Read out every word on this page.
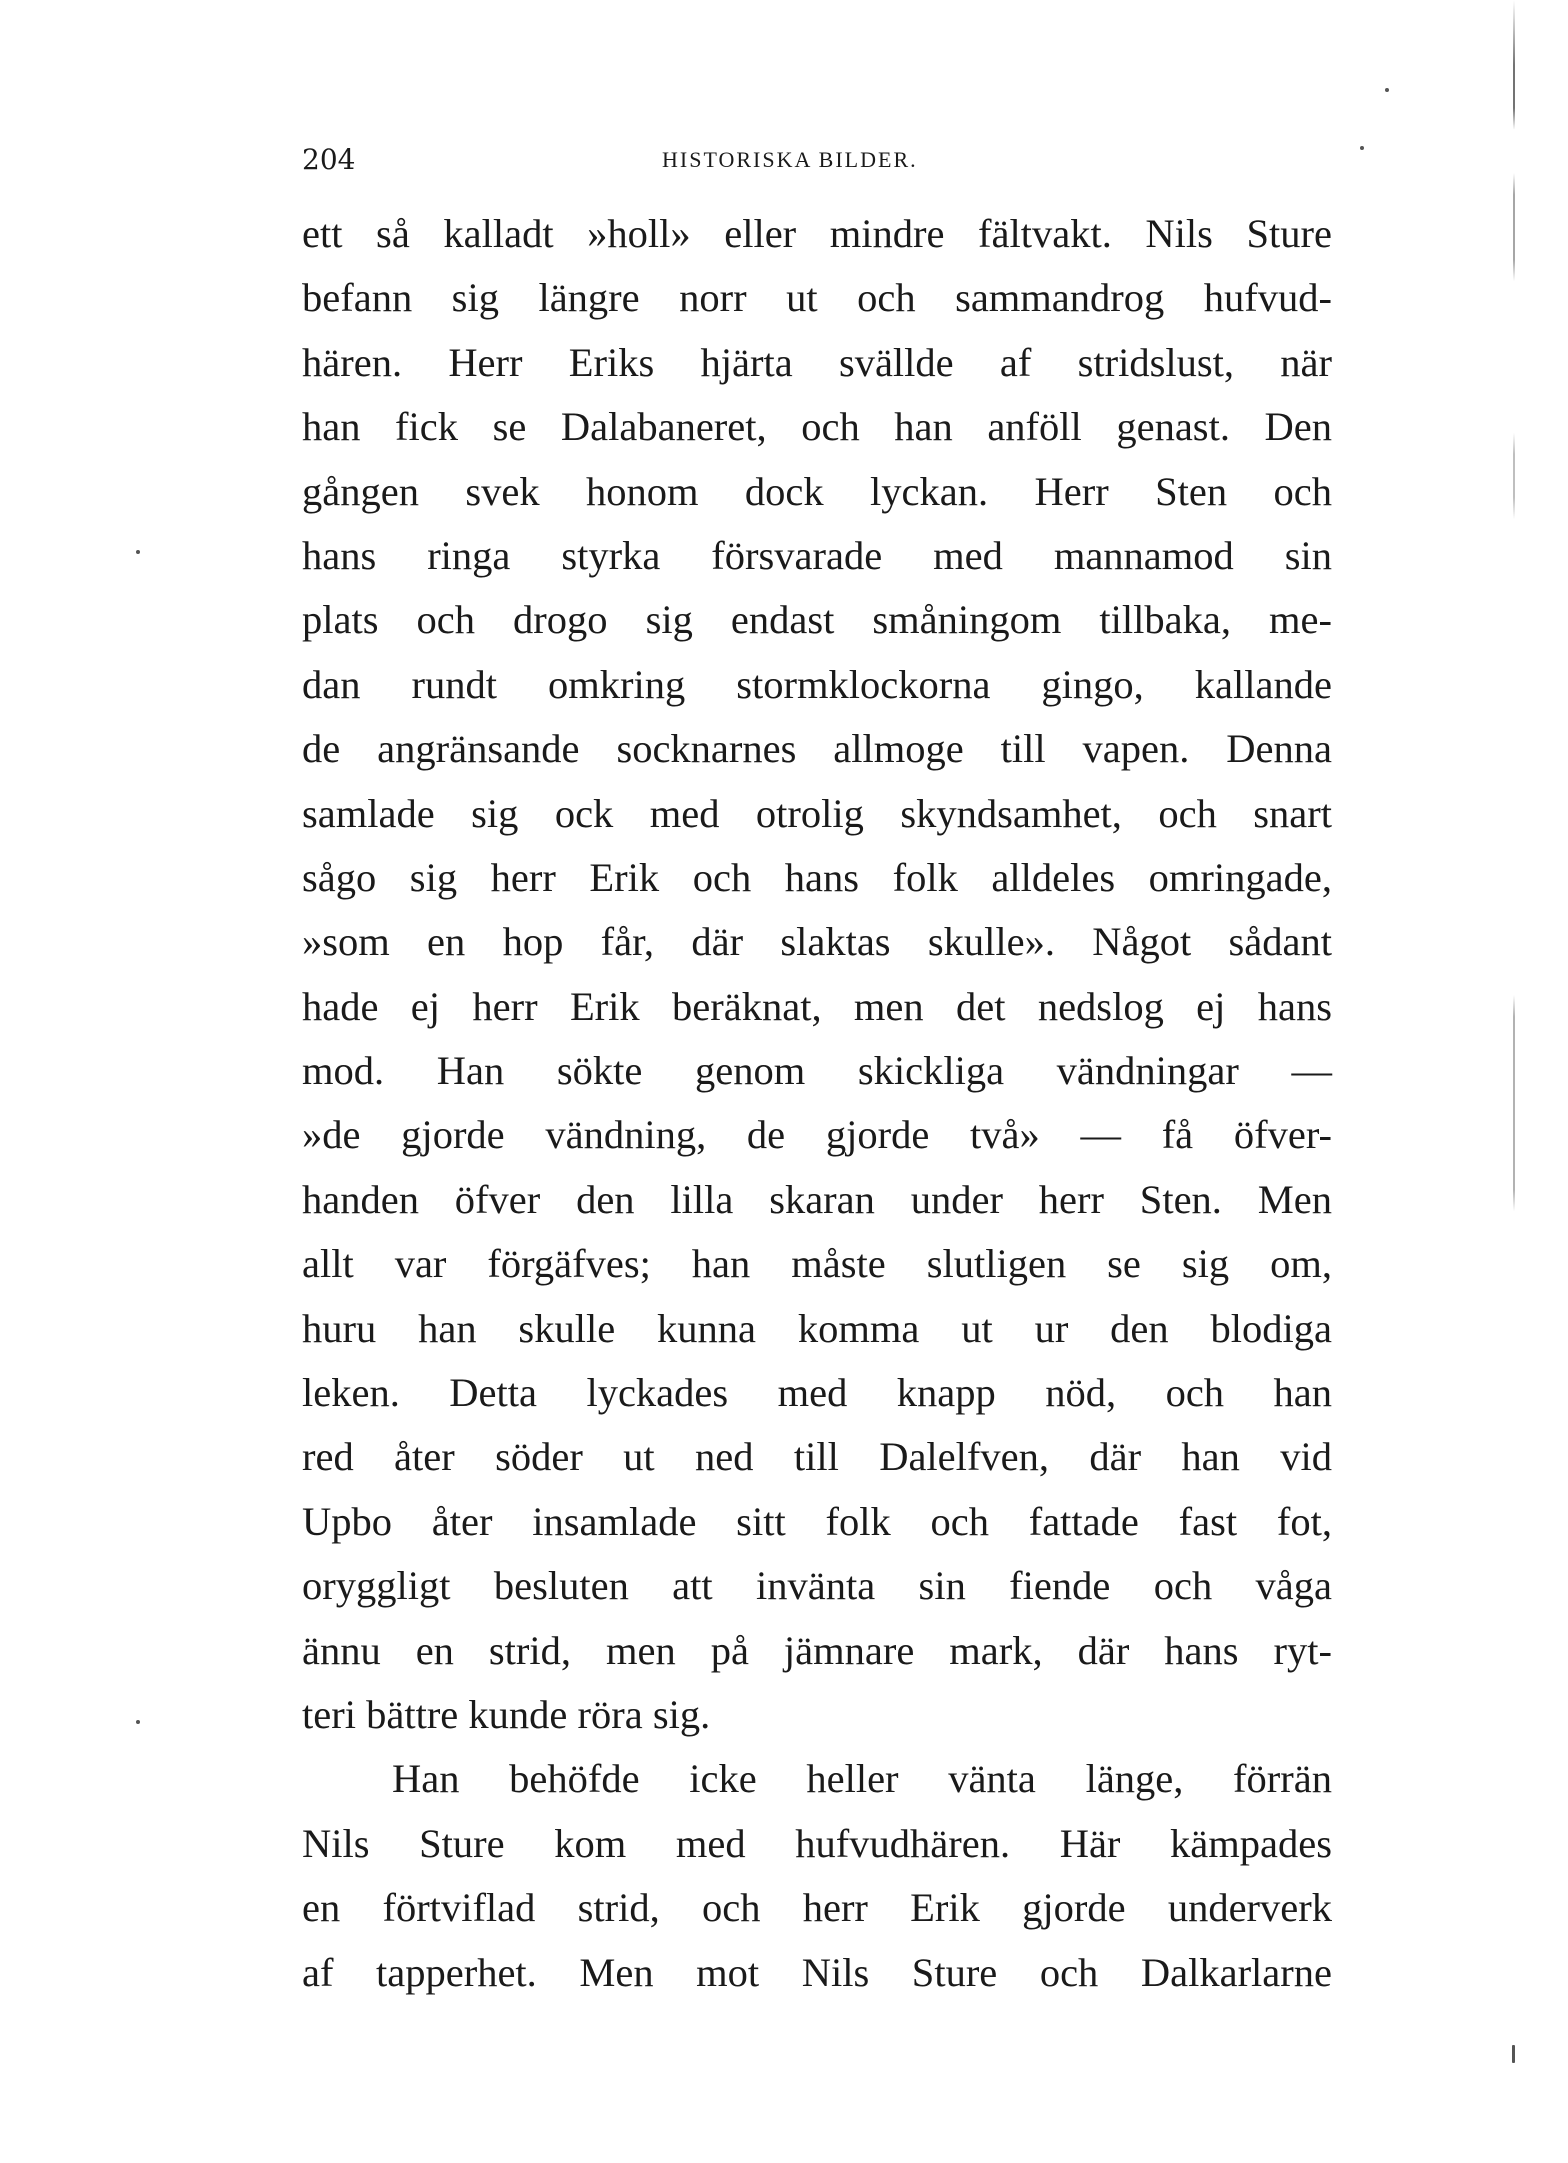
204	HISTORISKA BILDER.
ett så kalladt »holl» eller mindre fältvakt. Nils Sture
befann sig längre norr ut och sammandrog hufvud-
hären. Herr Eriks hjärta svällde af stridslust, när
han fick se Dalabaneret, och han anföll genast. Den
gången svek honom dock lyckan. Herr Sten och
hans ringa styrka försvarade med mannamod sin
plats och drogo sig endast småningom tillbaka, me-
dan rundt omkring stormklockorna gingo, kallande
de angränsande socknarnes allmoge till vapen. Denna
samlade sig ock med otrolig skyndsamhet, och snart
sågo sig herr Erik och hans folk alldeles omringade,
»som en hop får, där slaktas skulle». Något sådant
hade ej herr Erik beräknat, men det nedslog ej hans
mod. Han sökte genom skickliga vändningar —
»de gjorde vändning, de gjorde två» — få öfver-
handen öfver den lilla skaran under herr Sten. Men
allt var förgäfves; han måste slutligen se sig om,
huru han skulle kunna komma ut ur den blodiga
leken. Detta lyckades med knapp nöd, och han
red åter söder ut ned till Dalelfven, där han vid
Upbo åter insamlade sitt folk och fattade fast fot,
oryggligt besluten att invänta sin fiende och våga
ännu en strid, men på jämnare mark, där hans ryt-
teri bättre kunde röra sig.
Han behöfde icke heller vänta länge, förrän
Nils Sture kom med hufvudhären. Här kämpades
en förtviflad strid, och herr Erik gjorde underverk
af tapperhet. Men mot Nils Sture och Dalkarlarne
